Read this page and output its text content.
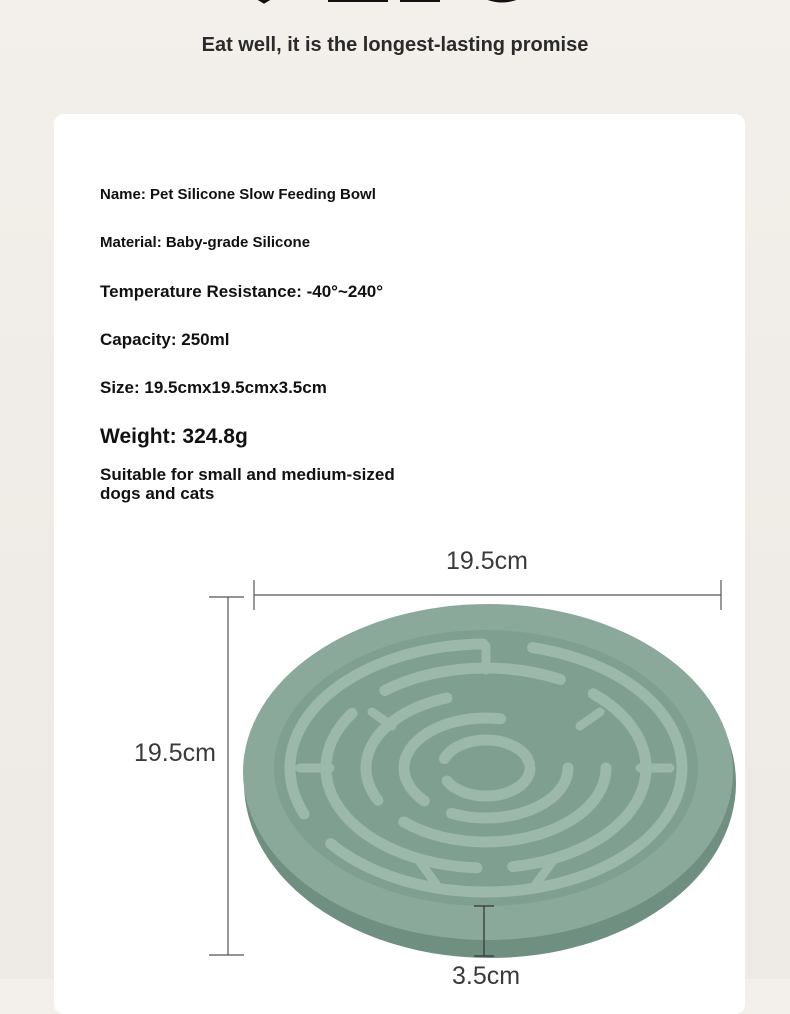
Eat well, it is the longest-lasting promise
Name: Pet Silicone Slow Feeding Bowl
Material: Baby-grade Silicone
Temperature Resistance: -40°~240°
Capacity: 250ml
Size: 19.5cmx19.5cmx3.5cm
Weight: 324.8g
Suitable for small and medium-sized dogs and cats
19.5cm
19.5cm
3.5cm
